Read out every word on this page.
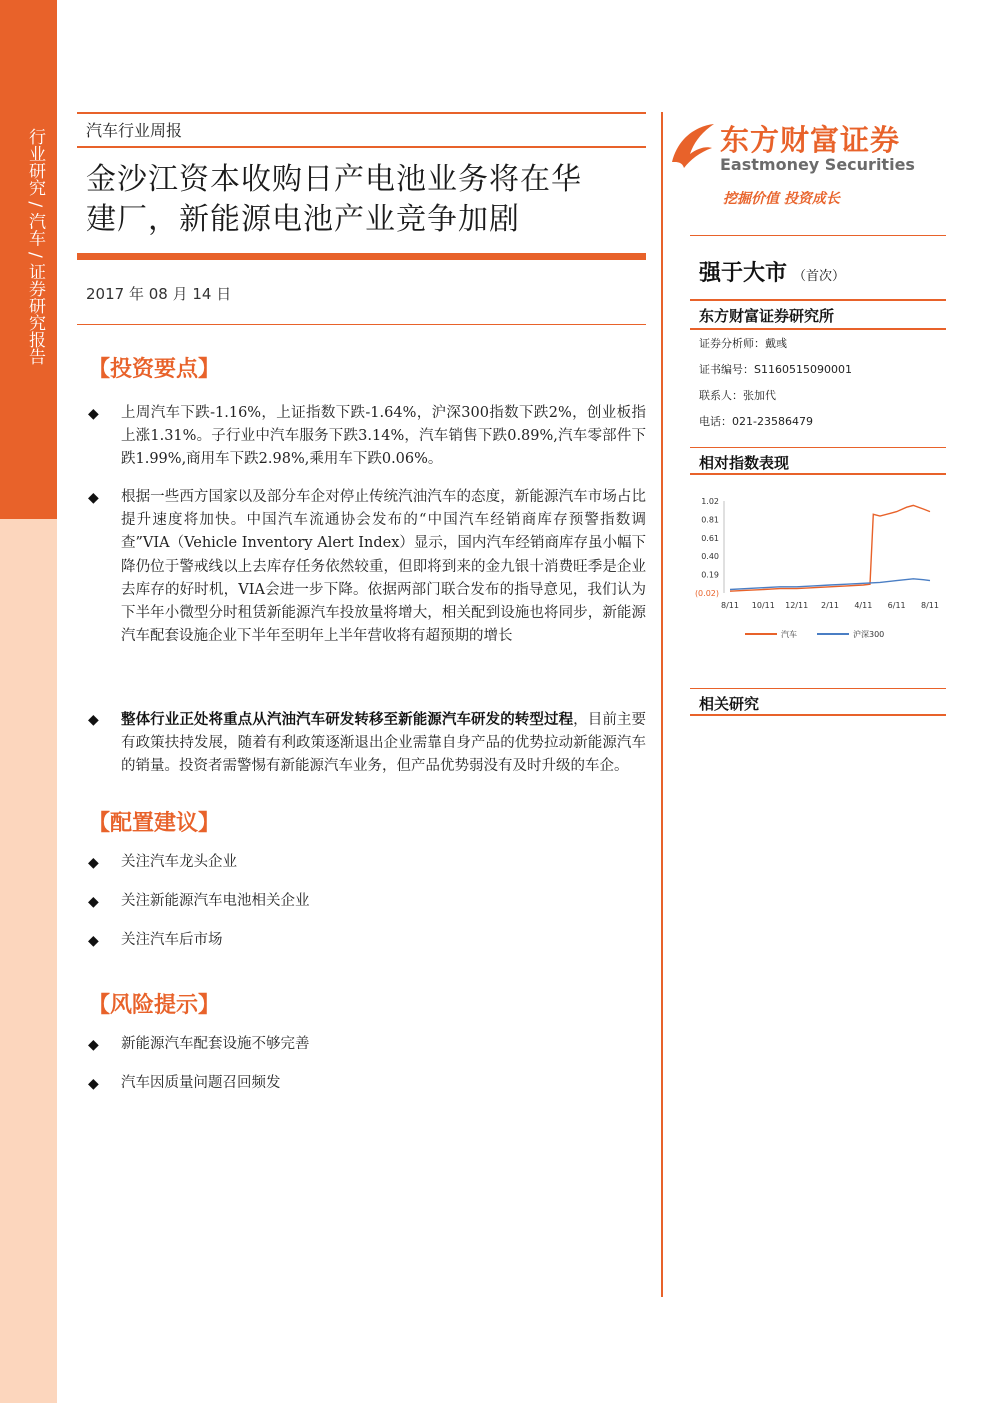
行业研究 / 汽车 / 证券研究报告	汽车行业周报
金沙江资本收购日产电池业务将在华
建厂，新能源电池产业竞争加剧
2017 年 08 月 14 日
【投资要点】
◆ 上周汽车下跌-1.16%，上证指数下跌-1.64%，沪深300指数下跌2%，创业板指上涨1.31%。子行业中汽车服务下跌3.14%，汽车销售下跌0.89%,汽车零部件下跌1.99%,商用车下跌2.98%,乘用车下跌0.06%。
◆ 根据一些西方国家以及部分车企对停止传统汽油汽车的态度，新能源汽车市场占比提升速度将加快。中国汽车流通协会发布的“中国汽车经销商库存预警指数调查”VIA（Vehicle Inventory Alert Index）显示，国内汽车经销商库存虽小幅下降仍位于警戒线以上去库存任务依然较重，但即将到来的金九银十消费旺季是企业去库存的好时机，VIA会进一步下降。依据两部门联合发布的指导意见，我们认为下半年小微型分时租赁新能源汽车投放量将增大，相关配到设施也将同步，新能源汽车配套设施企业下半年至明年上半年营收将有超预期的增长
◆ 整体行业正处将重点从汽油汽车研发转移至新能源汽车研发的转型过程，目前主要有政策扶持发展，随着有利政策逐渐退出企业需靠自身产品的优势拉动新能源汽车的销量。投资者需警惕有新能源汽车业务，但产品优势弱没有及时升级的车企。
【配置建议】
◆ 关注汽车龙头企业
◆ 关注新能源汽车电池相关企业
◆ 关注汽车后市场
【风险提示】
◆ 新能源汽车配套设施不够完善
◆ 汽车因质量问题召回频发
东方财富证券
Eastmoney Securities
挖掘价值 投资成长
强于大市 （首次）
东方财富证券研究所
证券分析师：戴彧
证书编号：S1160515090001
联系人：张加代
电话：021-23586479
相对指数表现
1.02
0.81
0.61
0.40
0.19
(0.02)
8/11 10/11 12/11 2/11 4/11 6/11 8/11
汽车	沪深300
相关研究
